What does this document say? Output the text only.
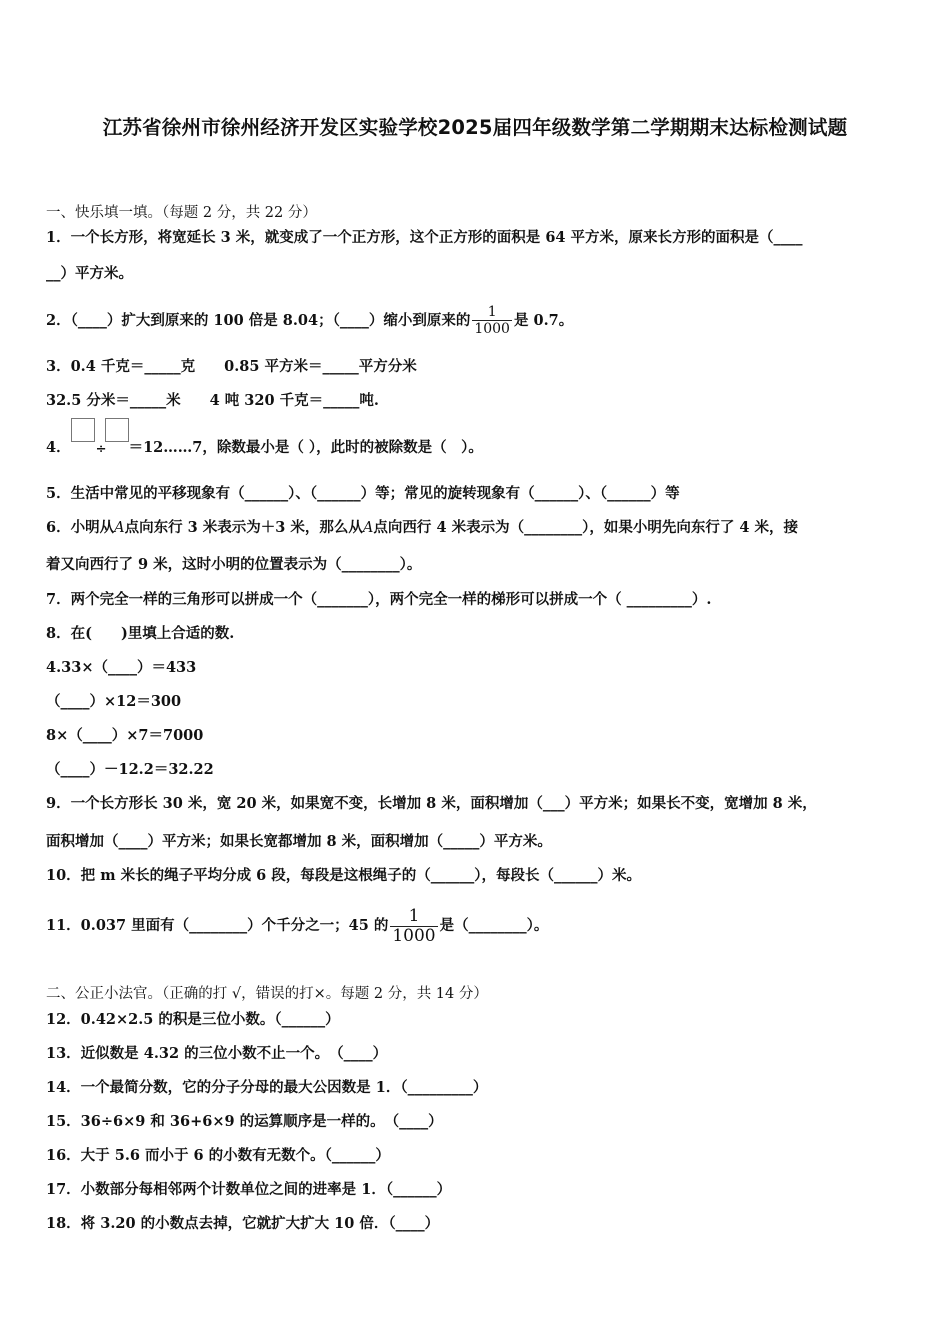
江苏省徐州市徐州经济开发区实验学校2025届四年级数学第二学期期末达标检测试题
一、快乐填一填。（每题 2 分，共 22 分）
1．一个长方形，将宽延长 3 米，就变成了一个正方形，这个正方形的面积是 64 平方米，原来长方形的面积是（____
__）平方米。
2．（____）扩大到原来的 100 倍是 8.04；（____）缩小到原来的 $\frac{1}{1000}$ 是 0.7。
3．0.4 千克＝_____克　　0.85 平方米＝_____平方分米
32.5 分米＝_____米　　4 吨 320 千克＝_____吨.
4． ÷ ＝12……7，除数最小是（ ），此时的被除数是（　）。
5．生活中常见的平移现象有（______）、（______）等；常见的旋转现象有（______）、（______）等
6．小明从A点向东行 3 米表示为＋3 米，那么从A点向西行 4 米表示为（________），如果小明先向东行了 4 米，接
着又向西行了 9 米，这时小明的位置表示为（________）。
7．两个完全一样的三角形可以拼成一个（_______），两个完全一样的梯形可以拼成一个（ _________）.
8．在(　　)里填上合适的数.
4.33×（____）＝433
（____）×12＝300
8×（____）×7＝7000
（____）－12.2＝32.22
9．一个长方形长 30 米，宽 20 米，如果宽不变，长增加 8 米，面积增加（___）平方米；如果长不变，宽增加 8 米，
面积增加（____）平方米；如果长宽都增加 8 米，面积增加（_____）平方米。
10．把 m 米长的绳子平均分成 6 段，每段是这根绳子的（______），每段长（______）米。
11．0.037 里面有（________）个千分之一；45 的 $\frac{1}{1000}$ 是（________）。
二、公正小法官。（正确的打 √，错误的打×。每题 2 分，共 14 分）
12．0.42×2.5 的积是三位小数。（______）
13．近似数是 4.32 的三位小数不止一个。　（____）
14．一个最简分数，它的分子分母的最大公因数是 1．（_________）
15．36÷6×9 和 36+6×9 的运算顺序是一样的。　（____）
16．大于 5.6 而小于 6 的小数有无数个。（______）
17．小数部分每相邻两个计数单位之间的进率是 1．（______）
18．将 3.20 的小数点去掉，它就扩大扩大 10 倍．（____）
